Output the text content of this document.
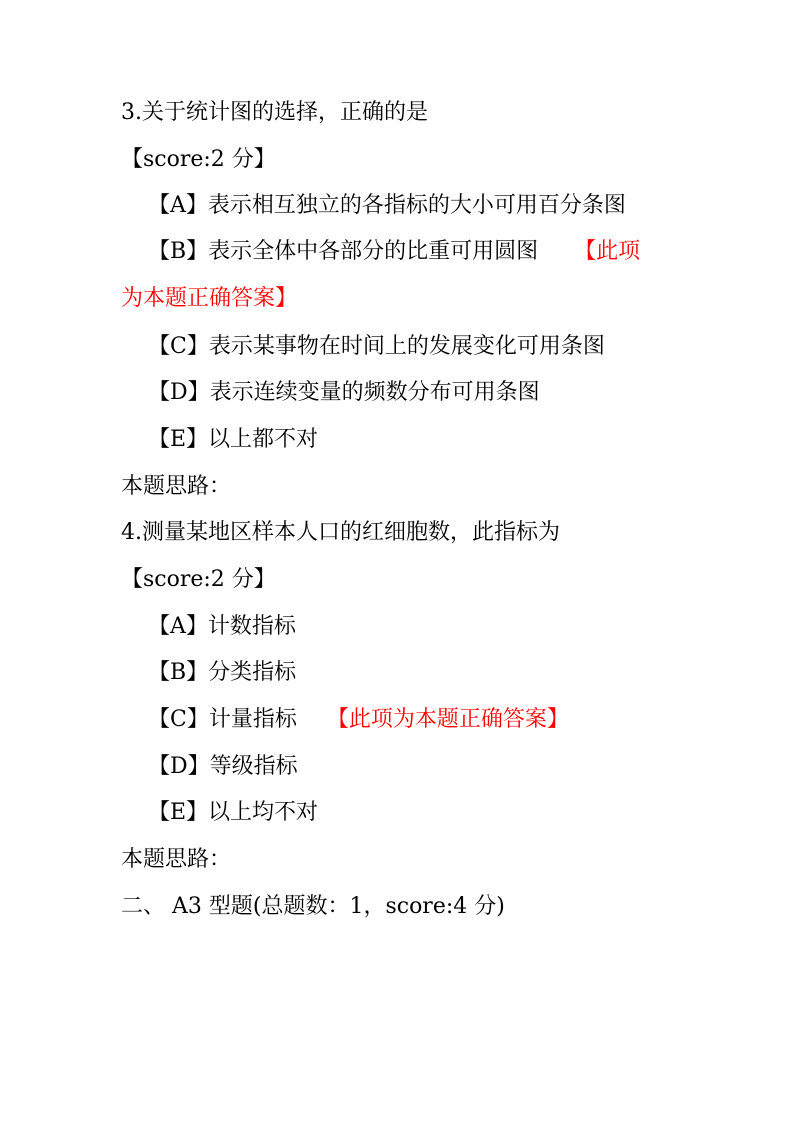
3.关于统计图的选择，正确的是
【score:2 分】
【A】表示相互独立的各指标的大小可用百分条图
【B】表示全体中各部分的比重可用圆图 【此项
为本题正确答案】
【C】表示某事物在时间上的发展变化可用条图
【D】表示连续变量的频数分布可用条图
【E】以上都不对
本题思路：
4.测量某地区样本人口的红细胞数，此指标为
【score:2 分】
【A】计数指标
【B】分类指标
【C】计量指标 【此项为本题正确答案】
【D】等级指标
【E】以上均不对
本题思路：
二、 A3 型题(总题数：1，score:4 分)
